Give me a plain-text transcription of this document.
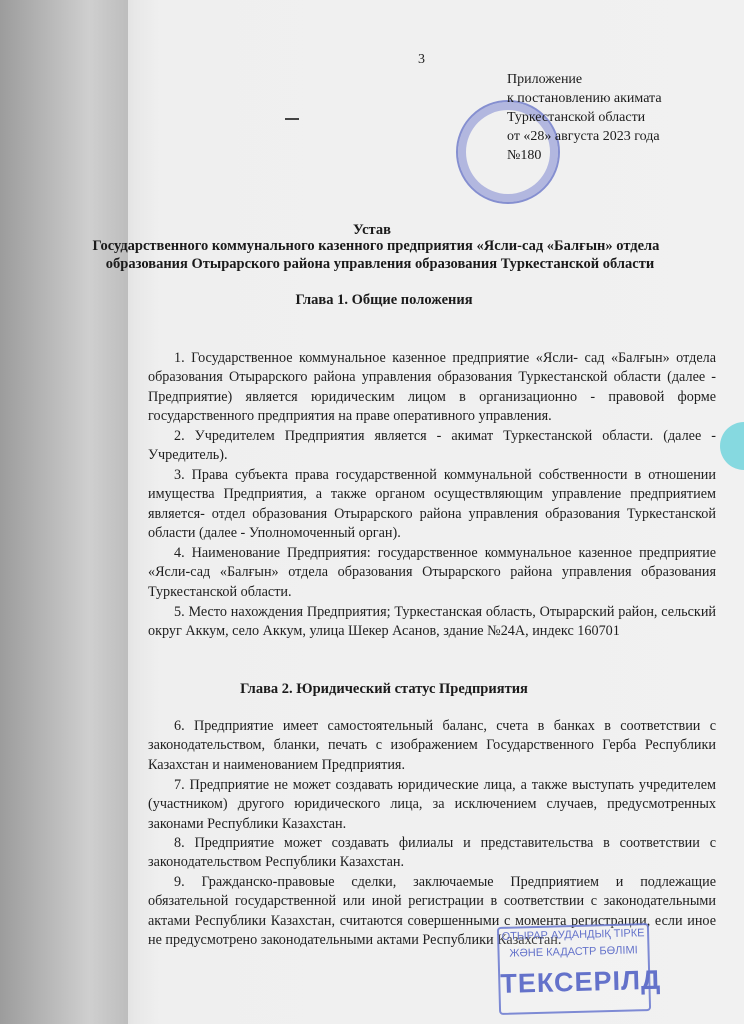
3
Приложение
к постановлению акимата
Туркестанской области
от «28» августа 2023 года
№180
Устав
Государственного коммунального казенного предприятия «Ясли-сад «Балғын» отдела
образования Отырарского района управления образования Туркестанской области
Глава 1. Общие положения
1. Государственное коммунальное казенное предприятие «Ясли- сад «Балғын» отдела образования Отырарского района управления образования Туркестанской области (далее - Предприятие) является юридическим лицом в организационно - правовой форме государственного предприятия на праве оперативного управления.
2. Учредителем Предприятия является - акимат Туркестанской области. (далее - Учредитель).
3. Права субъекта права государственной коммунальной собственности в отношении имущества Предприятия, а также органом осуществляющим управление предприятием является- отдел образования Отырарского района управления образования Туркестанской области (далее - Уполномоченный орган).
4. Наименование Предприятия: государственное коммунальное казенное предприятие «Ясли-сад «Балғын» отдела образования Отырарского района управления образования Туркестанской области.
5. Место нахождения Предприятия; Туркестанская область, Отырарский район, сельский округ Аккум, село Аккум, улица Шекер Асанов, здание №24А, индекс 160701
Глава 2. Юридический статус Предприятия
6. Предприятие имеет самостоятельный баланс, счета в банках в соответствии с законодательством, бланки, печать с изображением Государственного Герба Республики Казахстан и наименованием Предприятия.
7. Предприятие не может создавать юридические лица, а также выступать учредителем (участником) другого юридического лица, за исключением случаев, предусмотренных законами Республики Казахстан.
8. Предприятие может создавать филиалы и представительства в соответствии с законодательством Республики Казахстан.
9. Гражданско-правовые сделки, заключаемые Предприятием и подлежащие обязательной государственной или иной регистрации в соответствии с законодательными актами Республики Казахстан, считаются совершенными с момента регистрации, если иное не предусмотрено законодательными актами Республики Казахстан.
ОТЫРАР АУДАНДЫҚ ТІРКЕ
ЖӘНЕ КАДАСТР БӨЛІМІ
ТЕКСЕРІЛД
